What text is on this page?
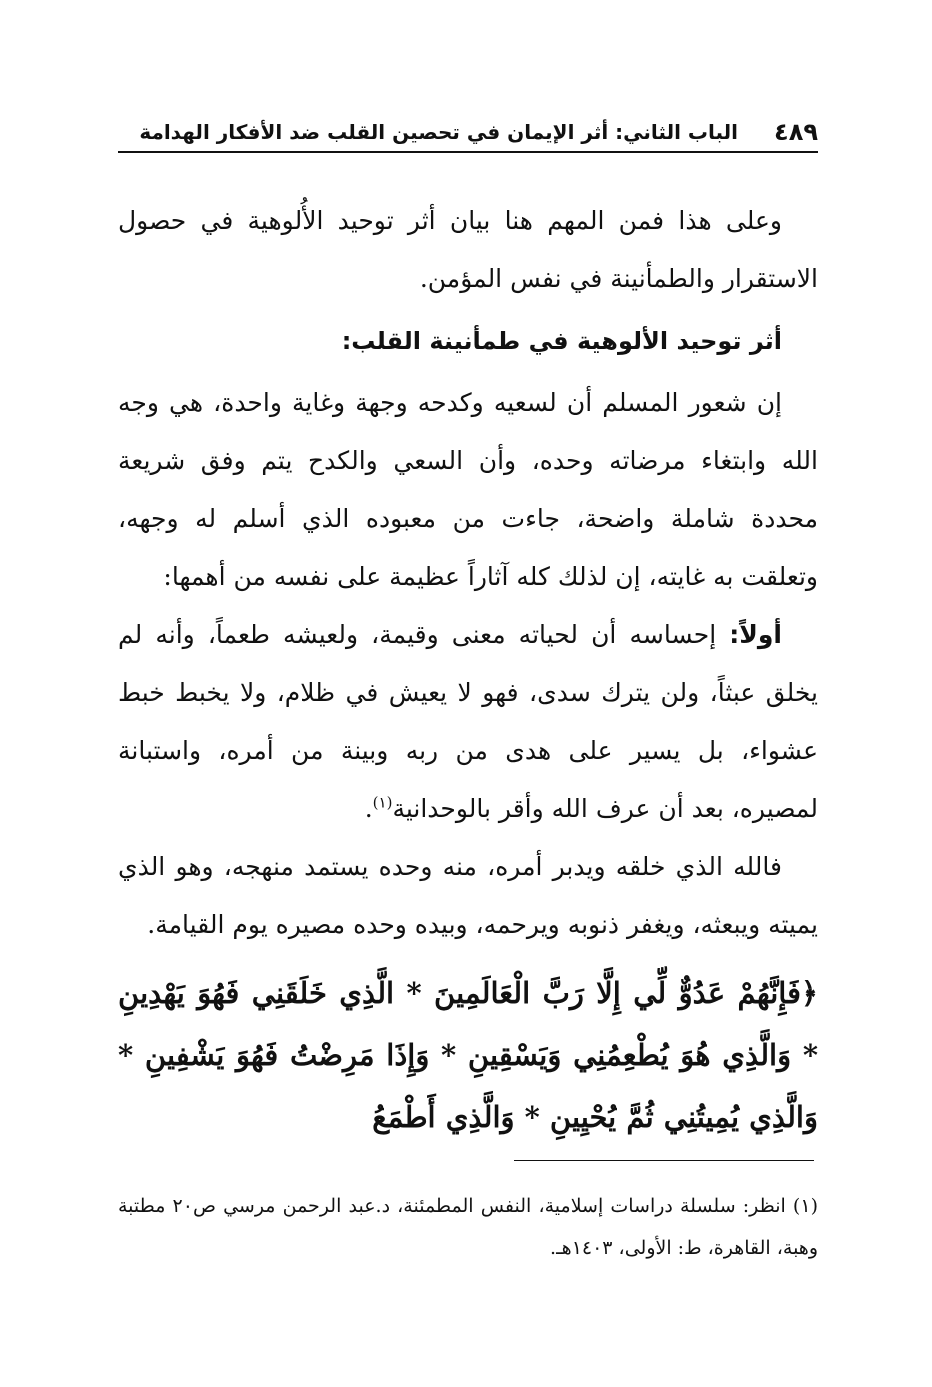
٤٨٩
الباب الثاني: أثر الإيمان في تحصين القلب ضد الأفكار الهدامة

وعلى هذا فمن المهم هنا بيان أثر توحيد الأُلوهية في حصول الاستقرار والطمأنينة في نفس المؤمن.

أثر توحيد الألوهية في طمأنينة القلب:

إن شعور المسلم أن لسعيه وكدحه وجهة وغاية واحدة، هي وجه الله وابتغاء مرضاته وحده، وأن السعي والكدح يتم وفق شريعة محددة شاملة واضحة، جاءت من معبوده الذي أسلم له وجهه، وتعلقت به غايته، إن لذلك كله آثاراً عظيمة على نفسه من أهمها:

أولاً: إحساسه أن لحياته معنى وقيمة، ولعيشه طعماً، وأنه لم يخلق عبثاً، ولن يترك سدى، فهو لا يعيش في ظلام، ولا يخبط خبط عشواء، بل يسير على هدى من ربه وبينة من أمره، واستبانة لمصيره، بعد أن عرف الله وأقر بالوحدانية$^{(١)}$.

فالله الذي خلقه ويدبر أمره، منه وحده يستمد منهجه، وهو الذي يميته ويبعثه، ويغفر ذنوبه ويرحمه، وبيده وحده مصيره يوم القيامة.

﴿فَإِنَّهُمْ عَدُوٌّ لِّي إِلَّا رَبَّ الْعَالَمِينَ * الَّذِي خَلَقَنِي فَهُوَ يَهْدِينِ * وَالَّذِي هُوَ يُطْعِمُنِي وَيَسْقِينِ * وَإِذَا مَرِضْتُ فَهُوَ يَشْفِينِ * وَالَّذِي يُمِيتُنِي ثُمَّ يُحْيِينِ * وَالَّذِي أَطْمَعُ

(١) انظر: سلسلة دراسات إسلامية، النفس المطمئنة، د.عبد الرحمن مرسي ص٢٠ مطتبة وهبة، القاهرة، ط: الأولى، ١٤٠٣هـ.
